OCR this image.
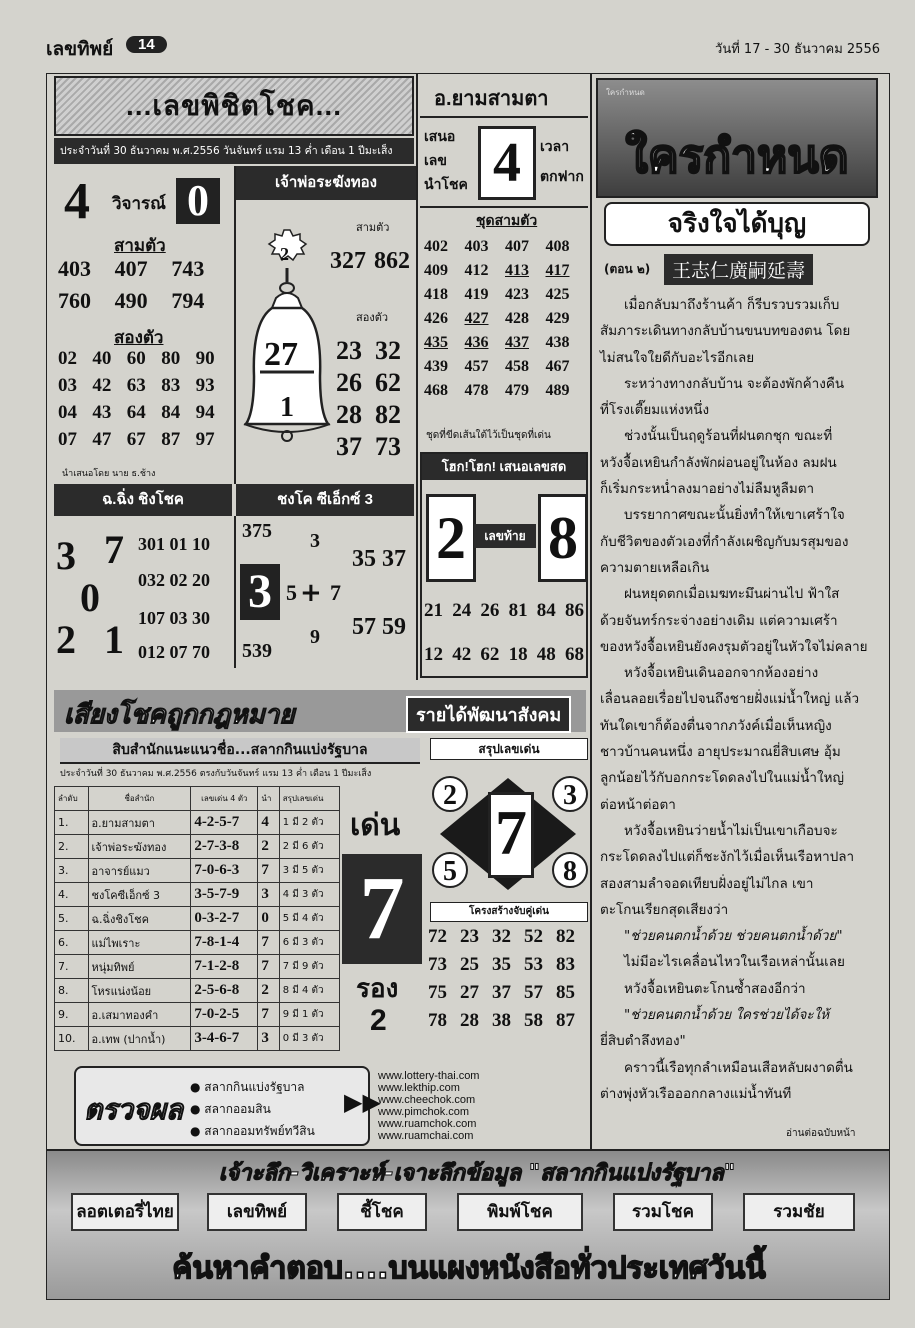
เลขทิพย์	14	วันที่ 17 - 30 ธันวาคม 2556
...เลขพิชิตโชค...
ประจำวันที่ 30 ธันวาคม พ.ศ.2556 วันจันทร์ แรม 13 ค่ำ เดือน 1 ปีมะเส็ง
4 วิจารณ์ 0
สามตัว
403	407	743
760	490	794
สองตัว
02 40 60 80 90
03 42 63 83 93
04 43 64 84 94
07 47 67 87 97
นำเสนอโดย นาย ธ.ช้าง
เจ้าพ่อระฆังทอง
สามตัว
2
27
1
327 862
สองตัว
23 32
26 62
28 82
37 73
ฉ.ฉิ่ง ชิงโชค	ชงโค ซีเอ็กซ์ 3
3 7
0
2 1
301 01 10
032 02 20
107 03 30
012 07 70
375 3
3 5 + 7
539
9
35 37
57 59
อ.ยามสามตา
เสนอ
เลข
นำโชค 4	เวลา
ตกฟาก
ชุดสามตัว
402	403	407	408
409	412	413	417
418	419	423	425
426	427	428	429
435	436	437	438
439	457	458	467
468	478	479	489
ชุดที่ขีดเส้นใต้ไว้เป็นชุดที่เด่น
โฮก!โฮก! เสนอเลขสด
2	เลขท้าย 8
21 24 26 81 84 86
12 42 62 18 48 68
เสียงโชคถูกกฎหมาย	รายได้พัฒนาสังคม
สิบสำนักแนะแนวชื่อ...สลากกินแบ่งรัฐบาล
ประจำวันที่ 30 ธันวาคม พ.ศ.2556 ตรงกับวันจันทร์ แรม 13 ค่ำ เดือน 1 ปีมะเส็ง
ลำดับ	ชื่อสำนัก	เลขเด่น 4 ตัว	นำ	สรุปเลขเด่น
1.	อ.ยามสามตา	4-2-5-7	4	1 มี 2 ตัว
2.	เจ้าพ่อระฆังทอง	2-7-3-8	2	2 มี 6 ตัว
3.	อาจารย์แมว	7-0-6-3	7	3 มี 5 ตัว
4.	ชงโคซีเอ็กซ์ 3	3-5-7-9	3	4 มี 3 ตัว
5.	ฉ.ฉิ่งชิงโชค	0-3-2-7	0	5 มี 4 ตัว
6.	แม่ไพเราะ	7-8-1-4	7	6 มี 3 ตัว
7.	หนุ่มทิพย์	7-1-2-8	7	7 มี 9 ตัว
8.	โหรแน่งน้อย	2-5-6-8	2	8 มี 4 ตัว
9.	อ.เสมาทองคำ	7-0-2-5	7	9 มี 1 ตัว
10.	อ.เทพ (ปากน้ำ)	3-4-6-7	3	0 มี 3 ตัว
เด่น
7
รอง
2
สรุปเลขเด่น
7
2	3
5	8
โครงสร้างจับคู่เด่น
72 23 32 52 82
73 25 35 53 83
75 27 37 57 85
78 28 38 58 87
ตรวจผล
● สลากกินแบ่งรัฐบาล
● สลากออมสิน
● สลากออมทรัพย์ทวีสิน
▶▶
www.lottery-thai.com
www.lekthip.com
www.cheechok.com
www.pimchok.com
www.ruamchok.com
www.ruamchai.com
ใครกำหนด
ใครกำหนด
จริงใจได้บุญ
(ตอน ๒)	王志仁廣嗣延壽
เมื่อกลับมาถึงร้านค้า ก็รีบรวบรวมเก็บ
สัมภาระเดินทางกลับบ้านขนบทของตน โดย
ไม่สนใจใยดีกับอะไรอีกเลย
ระหว่างทางกลับบ้าน จะต้องพักค้างคืน
ที่โรงเตี๊ยมแห่งหนึ่ง
ช่วงนั้นเป็นฤดูร้อนที่ฝนตกชุก ขณะที่
หวังจื้อเหยินกำลังพักผ่อนอยู่ในห้อง ลมฝน
ก็เริ่มกระหน่ำลงมาอย่างไม่ลืมหูลืมตา
บรรยากาศขณะนั้นยิ่งทำให้เขาเศร้าใจ
กับชีวิตของตัวเองที่กำลังเผชิญกับมรสุมของ
ความตายเหลือเกิน
ฝนหยุดตกเมื่อเมฆทะมึนผ่านไป ฟ้าใส
ด้วยจันทร์กระจ่างอย่างเดิม แต่ความเศร้า
ของหวังจื้อเหยินยังคงรุมตัวอยู่ในหัวใจไม่คลาย
หวังจื้อเหยินเดินออกจากห้องอย่าง
เลื่อนลอยเรื่อยไปจนถึงชายฝั่งแม่น้ำใหญ่ แล้ว
ทันใดเขาก็ต้องตื่นจากภวังค์เมื่อเห็นหญิง
ชาวบ้านคนหนึ่ง อายุประมาณยี่สิบเศษ อุ้ม
ลูกน้อยไว้กับอกกระโดดลงไปในแม่น้ำใหญ่
ต่อหน้าต่อตา
หวังจื้อเหยินว่ายน้ำไม่เป็นเขาเกือบจะ
กระโดดลงไปแต่ก็ชะงักไว้เมื่อเห็นเรือหาปลา
สองสามลำจอดเทียบฝั่งอยู่ไม่ไกล เขา
ตะโกนเรียกสุดเสียงว่า
"ช่วยคนตกน้ำด้วย ช่วยคนตกน้ำด้วย"
ไม่มีอะไรเคลื่อนไหวในเรือเหล่านั้นเลย
หวังจื้อเหยินตะโกนซ้ำสองอีกว่า
"ช่วยคนตกน้ำด้วย ใครช่วยได้จะให้
ยี่สิบตำลึงทอง"
คราวนี้เรือทุกลำเหมือนเสือหลับผงาดตื่น
ต่างพุ่งหัวเรือออกกลางแม่น้ำทันที
อ่านต่อฉบับหน้า
เจ้าะลึก-วิเคราะห์-เจาะลึกข้อมูล "สลากกินแบ่งรัฐบาล"
ลอตเตอรี่ไทย	เลขทิพย์	ชี้โชค	พิมพ์โชค	รวมโชค	รวมชัย
ค้นหาคำตอบ....บนแผงหนังสือทั่วประเทศวันนี้
